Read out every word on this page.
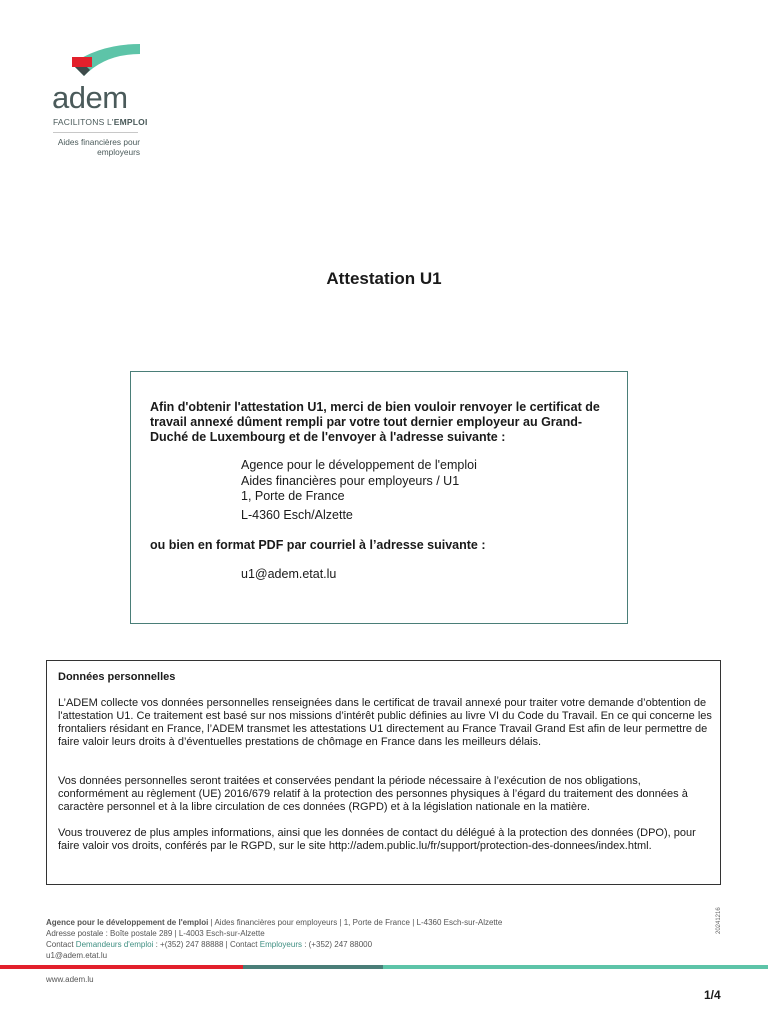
adem
FACILITONS L'EMPLOI
Aides financières pour
employeurs
Attestation U1
Afin d'obtenir l'attestation U1, merci de bien vouloir renvoyer le certificat de travail annexé dûment rempli par votre tout dernier employeur au Grand-Duché de Luxembourg et de l'envoyer à l'adresse suivante :
Agence pour le développement de l'emploi
Aides financières pour employeurs / U1
1, Porte de France
L-4360 Esch/Alzette
ou bien en format PDF par courriel à l’adresse suivante :
u1@adem.etat.lu
Données personnelles
L’ADEM collecte vos données personnelles renseignées dans le certificat de travail annexé pour traiter votre demande d’obtention de l'attestation U1. Ce traitement est basé sur nos missions d’intérêt public définies au livre VI du Code du Travail. En ce qui concerne les frontaliers résidant en France, l’ADEM transmet les attestations U1 directement au France Travail Grand Est afin de leur permettre de faire valoir leurs droits à d’éventuelles prestations de chômage en France dans les meilleurs délais.
Vos données personnelles seront traitées et conservées pendant la période nécessaire à l’exécution de nos obligations, conformément au règlement (UE) 2016/679 relatif à la protection des personnes physiques à l’égard du traitement des données à caractère personnel et à la libre circulation de ces données (RGPD) et à la législation nationale en la matière.
Vous trouverez de plus amples informations, ainsi que les données de contact du délégué à la protection des données (DPO), pour faire valoir vos droits, conférés par le RGPD, sur le site http://adem.public.lu/fr/support/protection-des-donnees/index.html.
Agence pour le développement de l'emploi | Aides financières pour employeurs | 1, Porte de France | L-4360 Esch-sur-Alzette
Adresse postale : Boîte postale 289 | L-4003 Esch-sur-Alzette
Contact Demandeurs d'emploi : +(352) 247 88888 | Contact Employeurs : (+352) 247 88000
u1@adem.etat.lu
20241216
www.adem.lu
1/4
